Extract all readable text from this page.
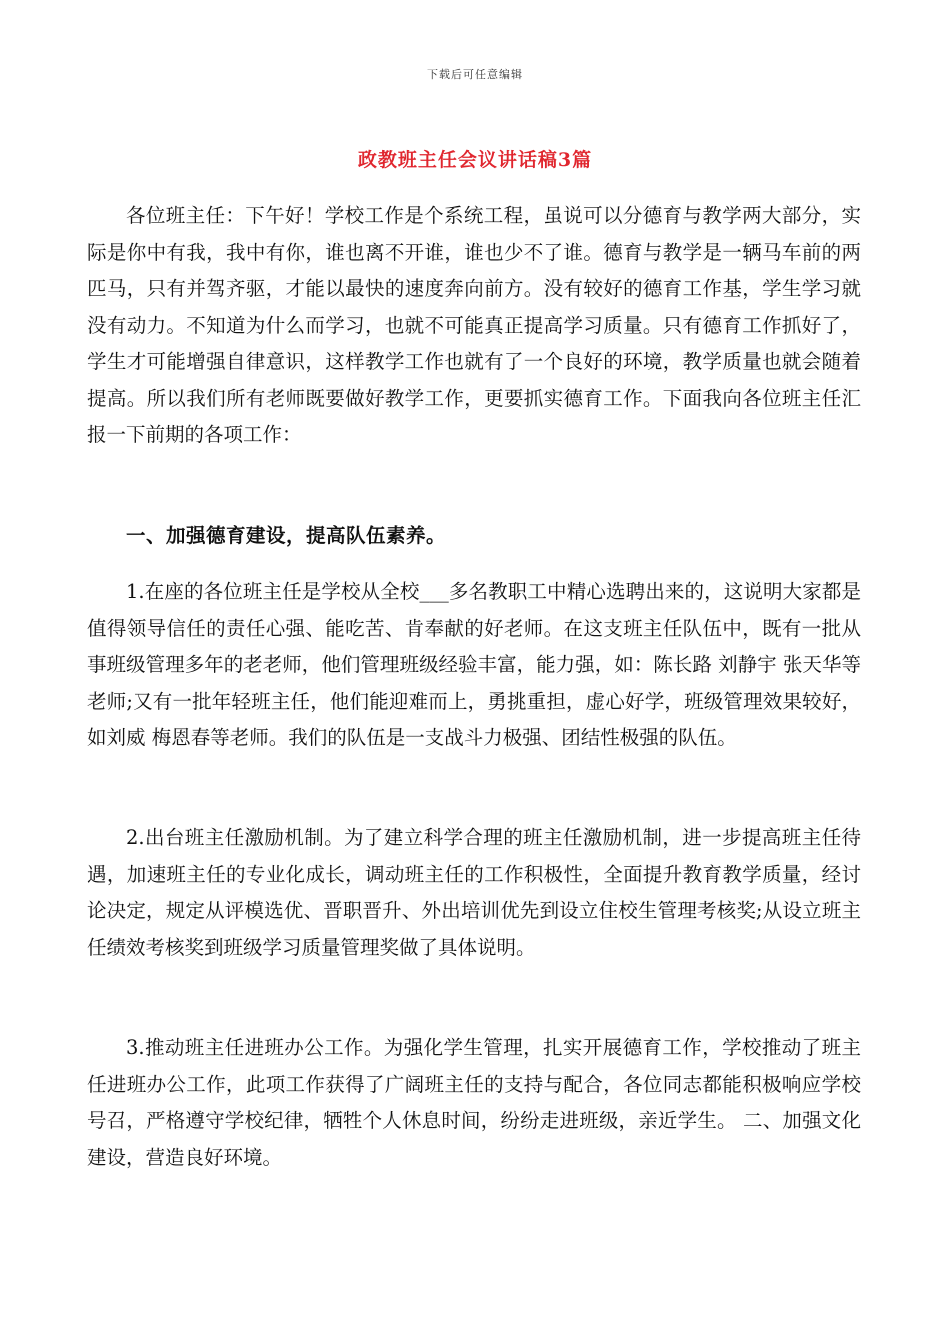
下载后可任意编辑
政教班主任会议讲话稿3篇

各位班主任：下午好！学校工作是个系统工程，虽说可以分德育与教学两大部分，实际是你中有我，我中有你，谁也离不开谁，谁也少不了谁。德育与教学是一辆马车前的两匹马，只有并驾齐驱，才能以最快的速度奔向前方。没有较好的德育工作基，学生学习就没有动力。不知道为什么而学习，也就不可能真正提高学习质量。只有德育工作抓好了，学生才可能增强自律意识，这样教学工作也就有了一个良好的环境，教学质量也就会随着提高。所以我们所有老师既要做好教学工作，更要抓实德育工作。下面我向各位班主任汇报一下前期的各项工作：

一、加强德育建设，提高队伍素养。

1.在座的各位班主任是学校从全校___多名教职工中精心选聘出来的，这说明大家都是值得领导信任的责任心强、能吃苦、肯奉献的好老师。在这支班主任队伍中，既有一批从事班级管理多年的老老师，他们管理班级经验丰富，能力强，如：陈长路 刘静宇 张天华等老师;又有一批年轻班主任，他们能迎难而上，勇挑重担，虚心好学，班级管理效果较好，如刘威 梅恩春等老师。我们的队伍是一支战斗力极强、团结性极强的队伍。

2.出台班主任激励机制。为了建立科学合理的班主任激励机制，进一步提高班主任待遇，加速班主任的专业化成长，调动班主任的工作积极性，全面提升教育教学质量，经讨论决定，规定从评模选优、晋职晋升、外出培训优先到设立住校生管理考核奖;从设立班主任绩效考核奖到班级学习质量管理奖做了具体说明。

3.推动班主任进班办公工作。为强化学生管理，扎实开展德育工作，学校推动了班主任进班办公工作，此项工作获得了广阔班主任的支持与配合，各位同志都能积极响应学校号召，严格遵守学校纪律，牺牲个人休息时间，纷纷走进班级，亲近学生。 二、加强文化建设，营造良好环境。
